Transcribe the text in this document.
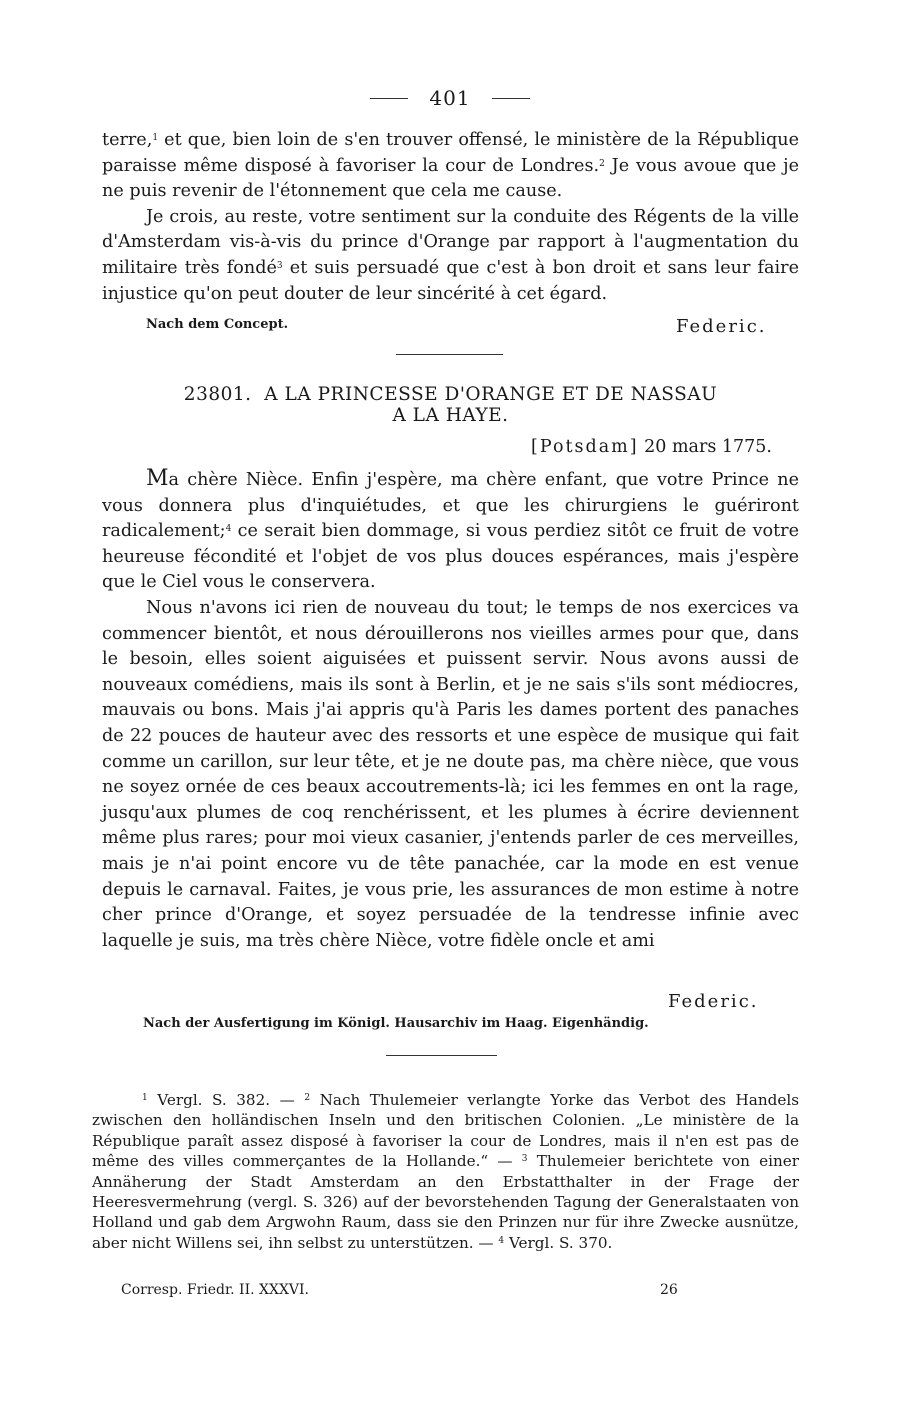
401

terre,$^1$ et que, bien loin de s'en trouver offensé, le ministère de la République paraisse même disposé à favoriser la cour de Londres.$^2$ Je vous avoue que je ne puis revenir de l'étonnement que cela me cause.

Je crois, au reste, votre sentiment sur la conduite des Régents de la ville d'Amsterdam vis-à-vis du prince d'Orange par rapport à l'augmentation du militaire très fondé$^3$ et suis persuadé que c'est à bon droit et sans leur faire injustice qu'on peut douter de leur sincérité à cet égard.

Nach dem Concept.	Federic.
23801. A LA PRINCESSE D'ORANGE ET DE NASSAU
A LA HAYE.
[Potsdam] 20 mars 1775.

Ma chère Nièce. Enfin j'espère, ma chère enfant, que votre Prince ne vous donnera plus d'inquiétudes, et que les chirurgiens le guériront radicalement;$^4$ ce serait bien dommage, si vous perdiez sitôt ce fruit de votre heureuse fécondité et l'objet de vos plus douces espérances, mais j'espère que le Ciel vous le conservera.

Nous n'avons ici rien de nouveau du tout; le temps de nos exercices va commencer bientôt, et nous dérouillerons nos vieilles armes pour que, dans le besoin, elles soient aiguisées et puissent servir. Nous avons aussi de nouveaux comédiens, mais ils sont à Berlin, et je ne sais s'ils sont médiocres, mauvais ou bons. Mais j'ai appris qu'à Paris les dames portent des panaches de 22 pouces de hauteur avec des ressorts et une espèce de musique qui fait comme un carillon, sur leur tête, et je ne doute pas, ma chère nièce, que vous ne soyez ornée de ces beaux accoutrements-là; ici les femmes en ont la rage, jusqu'aux plumes de coq renchérissent, et les plumes à écrire deviennent même plus rares; pour moi vieux casanier, j'entends parler de ces merveilles, mais je n'ai point encore vu de tête panachée, car la mode en est venue depuis le carnaval. Faites, je vous prie, les assurances de mon estime à notre cher prince d'Orange, et soyez persuadée de la tendresse infinie avec laquelle je suis, ma très chère Nièce, votre fidèle oncle et ami

Federic.
Nach der Ausfertigung im Königl. Hausarchiv im Haag. Eigenhändig.

$^1$ Vergl. S. 382. — $^2$ Nach Thulemeier verlangte Yorke das Verbot des Handels zwischen den holländischen Inseln und den britischen Colonien. „Le ministère de la République paraît assez disposé à favoriser la cour de Londres, mais il n'en est pas de même des villes commerçantes de la Hollande.“ — $^3$ Thulemeier berichtete von einer Annäherung der Stadt Amsterdam an den Erbstatthalter in der Frage der Heeresvermehrung (vergl. S. 326) auf der bevorstehenden Tagung der Generalstaaten von Holland und gab dem Argwohn Raum, dass sie den Prinzen nur für ihre Zwecke ausnütze, aber nicht Willens sei, ihn selbst zu unterstützen. — $^4$ Vergl. S. 370.

Corresp. Friedr. II. XXXVI.	26
